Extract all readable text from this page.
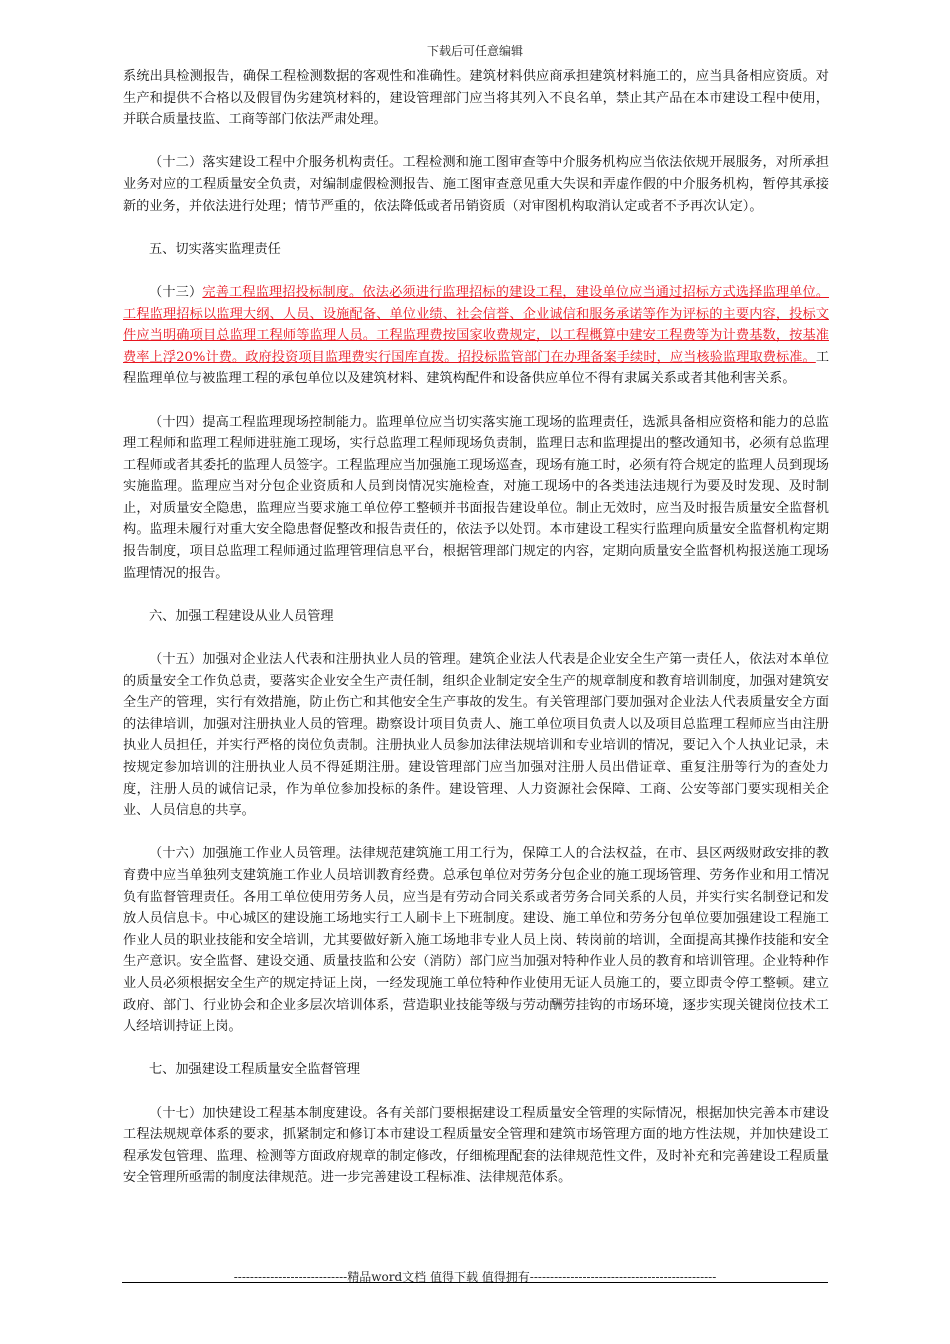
下载后可任意编辑

系统出具检测报告，确保工程检测数据的客观性和准确性。建筑材料供应商承担建筑材料施工的，应当具备相应资质。对生产和提供不合格以及假冒伪劣建筑材料的，建设管理部门应当将其列入不良名单，禁止其产品在本市建设工程中使用，并联合质量技监、工商等部门依法严肃处理。

（十二）落实建设工程中介服务机构责任。工程检测和施工图审查等中介服务机构应当依法依规开展服务，对所承担业务对应的工程质量安全负责，对编制虚假检测报告、施工图审查意见重大失误和弄虚作假的中介服务机构，暂停其承接新的业务，并依法进行处理；情节严重的，依法降低或者吊销资质（对审图机构取消认定或者不予再次认定）。

五、切实落实监理责任

（十三）完善工程监理招投标制度。依法必须进行监理招标的建设工程，建设单位应当通过招标方式选择监理单位。工程监理招标以监理大纲、人员、设施配备、单位业绩、社会信誉、企业诚信和服务承诺等作为评标的主要内容，投标文件应当明确项目总监理工程师等监理人员。工程监理费按国家收费规定，以工程概算中建安工程费等为计费基数，按基准费率上浮20%计费。政府投资项目监理费实行国库直拨。招投标监管部门在办理备案手续时，应当核验监理取费标准。工程监理单位与被监理工程的承包单位以及建筑材料、建筑构配件和设备供应单位不得有隶属关系或者其他利害关系。

（十四）提高工程监理现场控制能力。监理单位应当切实落实施工现场的监理责任，选派具备相应资格和能力的总监理工程师和监理工程师进驻施工现场，实行总监理工程师现场负责制，监理日志和监理提出的整改通知书，必须有总监理工程师或者其委托的监理人员签字。工程监理应当加强施工现场巡查，现场有施工时，必须有符合规定的监理人员到现场实施监理。监理应当对分包企业资质和人员到岗情况实施检查，对施工现场中的各类违法违规行为要及时发现、及时制止，对质量安全隐患，监理应当要求施工单位停工整顿并书面报告建设单位。制止无效时，应当及时报告质量安全监督机构。监理未履行对重大安全隐患督促整改和报告责任的，依法予以处罚。本市建设工程实行监理向质量安全监督机构定期报告制度，项目总监理工程师通过监理管理信息平台，根据管理部门规定的内容，定期向质量安全监督机构报送施工现场监理情况的报告。

六、加强工程建设从业人员管理

（十五）加强对企业法人代表和注册执业人员的管理。建筑企业法人代表是企业安全生产第一责任人，依法对本单位的质量安全工作负总责，要落实企业安全生产责任制，组织企业制定安全生产的规章制度和教育培训制度，加强对建筑安全生产的管理，实行有效措施，防止伤亡和其他安全生产事故的发生。有关管理部门要加强对企业法人代表质量安全方面的法律培训，加强对注册执业人员的管理。勘察设计项目负责人、施工单位项目负责人以及项目总监理工程师应当由注册执业人员担任，并实行严格的岗位负责制。注册执业人员参加法律法规培训和专业培训的情况，要记入个人执业记录，未按规定参加培训的注册执业人员不得延期注册。建设管理部门应当加强对注册人员出借证章、重复注册等行为的查处力度，注册人员的诚信记录，作为单位参加投标的条件。建设管理、人力资源社会保障、工商、公安等部门要实现相关企业、人员信息的共享。

（十六）加强施工作业人员管理。法律规范建筑施工用工行为，保障工人的合法权益，在市、县区两级财政安排的教育费中应当单独列支建筑施工作业人员培训教育经费。总承包单位对劳务分包企业的施工现场管理、劳务作业和用工情况负有监督管理责任。各用工单位使用劳务人员，应当是有劳动合同关系或者劳务合同关系的人员，并实行实名制登记和发放人员信息卡。中心城区的建设施工场地实行工人刷卡上下班制度。建设、施工单位和劳务分包单位要加强建设工程施工作业人员的职业技能和安全培训，尤其要做好新入施工场地非专业人员上岗、转岗前的培训，全面提高其操作技能和安全生产意识。安全监督、建设交通、质量技监和公安（消防）部门应当加强对特种作业人员的教育和培训管理。企业特种作业人员必须根据安全生产的规定持证上岗，一经发现施工单位特种作业使用无证人员施工的，要立即责令停工整顿。建立政府、部门、行业协会和企业多层次培训体系，营造职业技能等级与劳动酬劳挂钩的市场环境，逐步实现关键岗位技术工人经培训持证上岗。

七、加强建设工程质量安全监督管理

（十七）加快建设工程基本制度建设。各有关部门要根据建设工程质量安全管理的实际情况，根据加快完善本市建设工程法规规章体系的要求，抓紧制定和修订本市建设工程质量安全管理和建筑市场管理方面的地方性法规，并加快建设工程承发包管理、监理、检测等方面政府规章的制定修改，仔细梳理配套的法律规范性文件，及时补充和完善建设工程质量安全管理所亟需的制度法律规范。进一步完善建设工程标准、法律规范体系。

----------------------------精品word文档 值得下载 值得拥有----------------------------------------------
